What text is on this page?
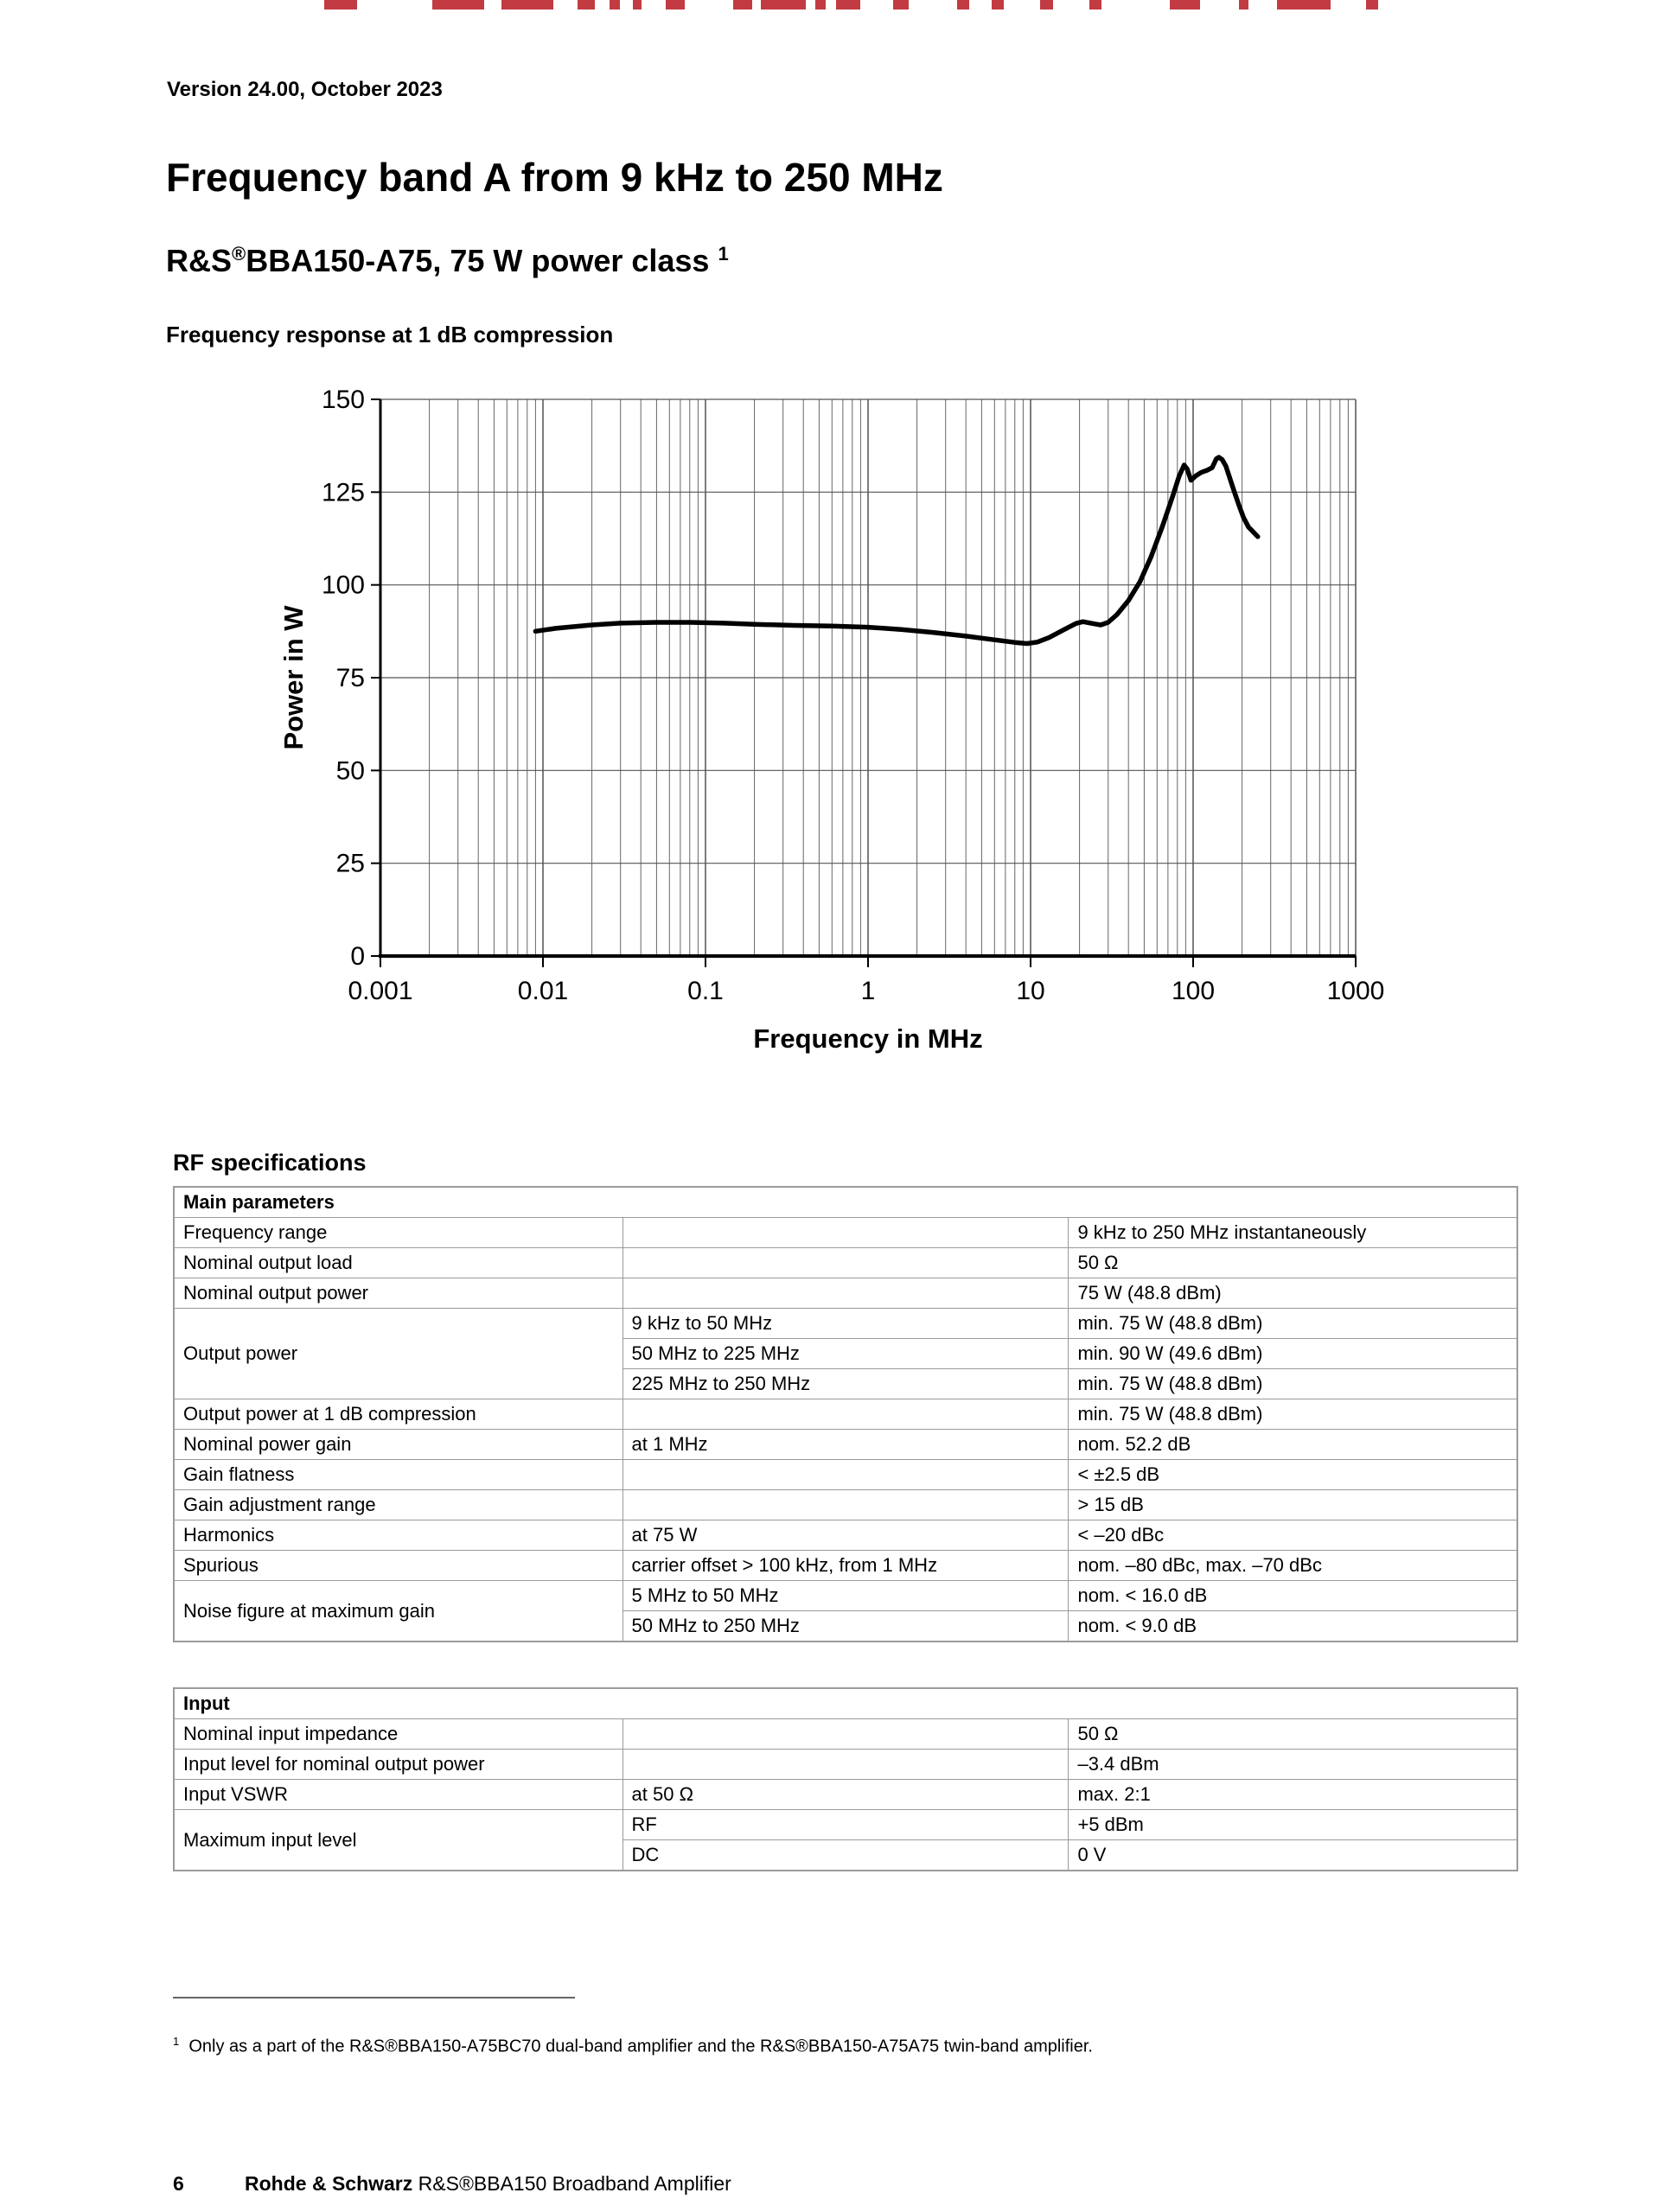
Version 24.00, October 2023
Frequency band A from 9 kHz to 250 MHz
R&S®BBA150-A75, 75 W power class $^1$
Frequency response at 1 dB compression
0
25
50
75
100
125
150
0.001	0.01	0.1	1	10	100	1000
Frequency in MHz
Power in W
RF specifications
Main parameters		
Frequency range		9 kHz to 250 MHz instantaneously
Nominal output load		50 Ω
Nominal output power		75 W (48.8 dBm)
Output power	9 kHz to 50 MHz	min. 75 W (48.8 dBm)
	50 MHz to 225 MHz	min. 90 W (49.6 dBm)
	225 MHz to 250 MHz	min. 75 W (48.8 dBm)
Output power at 1 dB compression		min. 75 W (48.8 dBm)
Nominal power gain	at 1 MHz	nom. 52.2 dB
Gain flatness		< ±2.5 dB
Gain adjustment range		> 15 dB
Harmonics	at 75 W	< –20 dBc
Spurious	carrier offset > 100 kHz, from 1 MHz	nom. –80 dBc, max. –70 dBc
Noise figure at maximum gain	5 MHz to 50 MHz	nom. < 16.0 dB
	50 MHz to 250 MHz	nom. < 9.0 dB
Input		
Nominal input impedance		50 Ω
Input level for nominal output power		–3.4 dBm
Input VSWR	at 50 Ω	max. 2:1
Maximum input level	RF	+5 dBm
	DC	0 V
$^1$ Only as a part of the R&S®BBA150-A75BC70 dual-band amplifier and the R&S®BBA150-A75A75 twin-band amplifier.
6	Rohde & Schwarz R&S®BBA150 Broadband Amplifier
